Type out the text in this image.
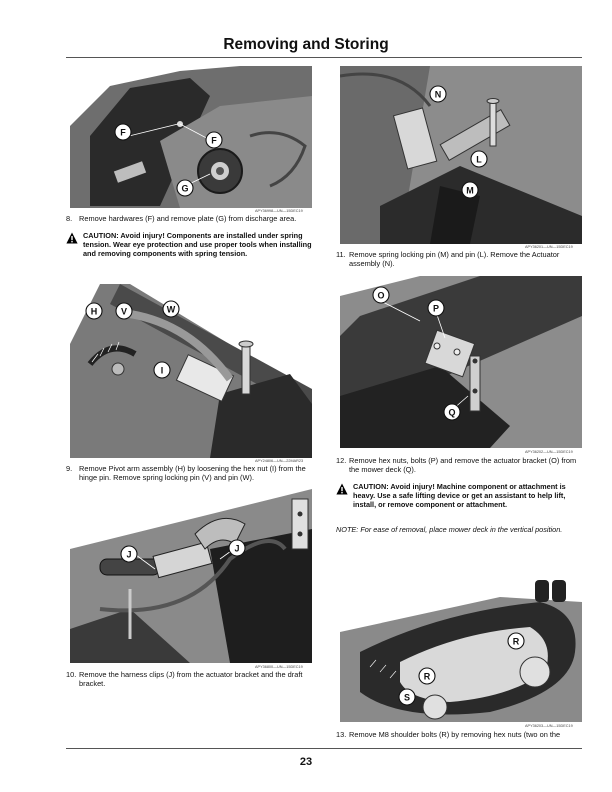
Removing and Storing
F
F
G
APY36998—UN—15DEC19
8. Remove hardwares (F) and remove plate (G) from discharge area.
CAUTION: Avoid injury! Components are installed under spring tension. Wear eye protection and use proper tools when installing and removing components with spring tension.
H	V	W
I
APY24806—UN—22MAR23
9. Remove Pivot arm assembly (H) by loosening the hex nut (I) from the hinge pin. Remove spring locking pin (V) and pin (W).
J
J
APY36800—UN—15DEC19
10. Remove the harness clips (J) from the actuator bracket and the draft bracket.
N
L
M
APY36201—UN—15DEC19
11. Remove spring locking pin (M) and pin (L). Remove the Actuator assembly (N).
O
P
Q
APY36202—UN—15DEC19
12. Remove hex nuts, bolts (P) and remove the actuator bracket (O) from the mower deck (Q).
CAUTION: Avoid injury! Machine component or attachment is heavy. Use a safe lifting device or get an assistant to help lift, install, or remove component or attachment.
NOTE: For ease of removal, place mower deck in the vertical position.
R
R
S
APY36203—UN—15DEC19
13. Remove M8 shoulder bolts (R) by removing hex nuts (two on the
23
